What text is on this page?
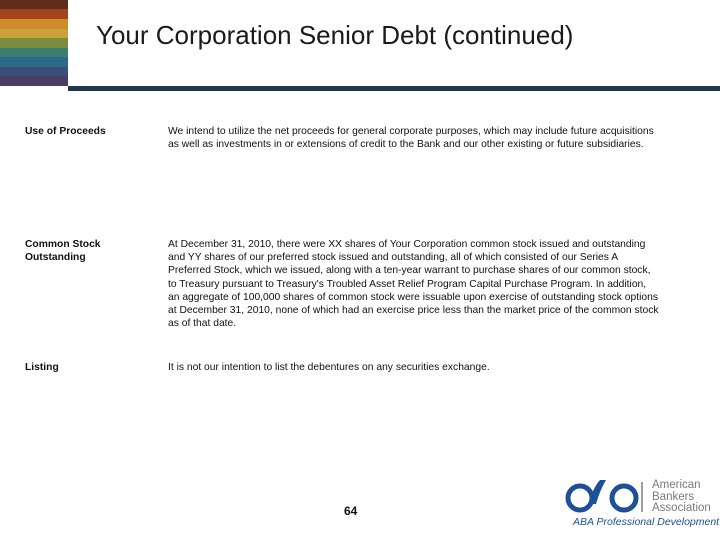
Your Corporation Senior Debt (continued)
Use of Proceeds	We intend to utilize the net proceeds for general corporate purposes, which may include future acquisitions as well as investments in or extensions of credit to the Bank and our other existing or future subsidiaries.
Common Stock Outstanding
At December 31, 2010, there were XX shares of Your Corporation common stock issued and outstanding and YY shares of our preferred stock issued and outstanding, all of which consisted of our Series A Preferred Stock, which we issued, along with a ten-year warrant to purchase shares of our common stock, to Treasury pursuant to Treasury's Troubled Asset Relief Program Capital Purchase Program. In addition, an aggregate of 100,000 shares of common stock were issuable upon exercise of outstanding stock options at December 31, 2010, none of which had an exercise price less than the market price of the common stock as of that date.
Listing	It is not our intention to list the debentures on any securities exchange.
64
American
Bankers
Association
ABA Professional Development
